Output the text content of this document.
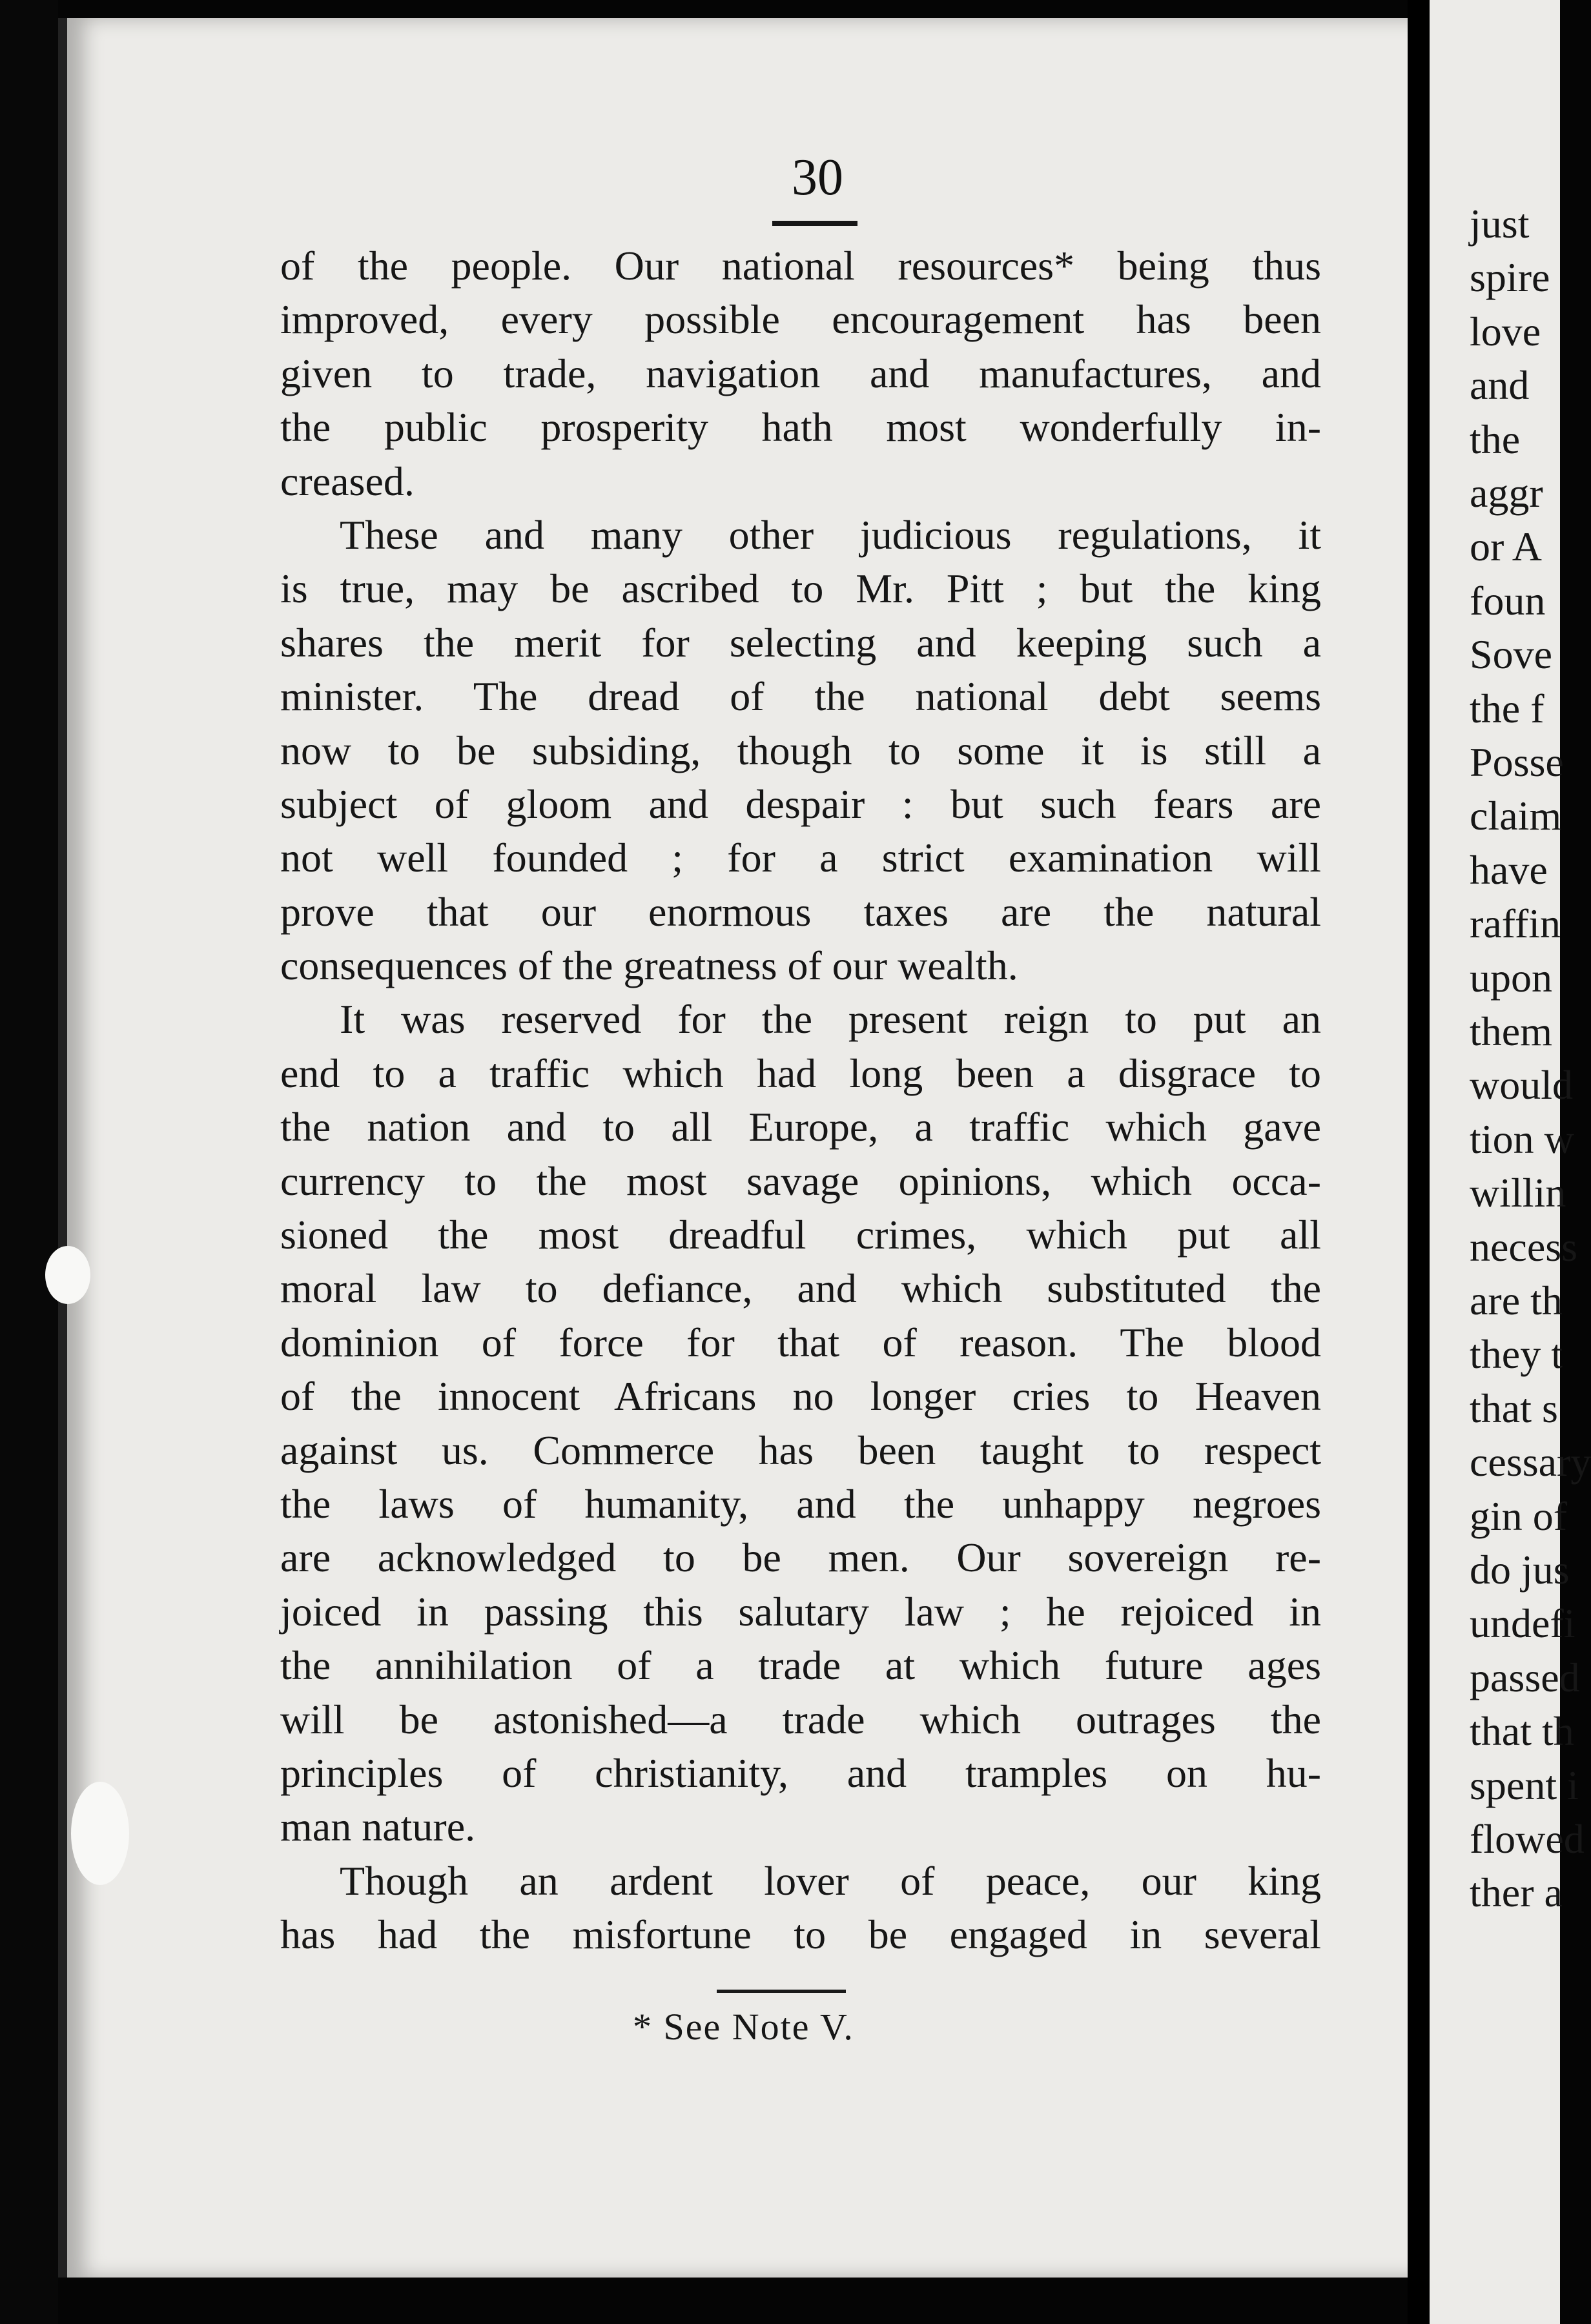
just
spire
love
and
the
aggr
or A
foun
Sove
the f
Posse
claim
have
raffin
upon
them
would
tion w
willin
necess
are th
they t
that s
cessary
gin of
do jus
undefi
passed
that th
spent i
flowed
ther a
30
of the people. Our national resources* being thus
improved, every possible encouragement has been
given to trade, navigation and manufactures, and
the public prosperity hath most wonderfully in-
creased.
These and many other judicious regulations, it
is true, may be ascribed to Mr. Pitt ; but the king
shares the merit for selecting and keeping such a
minister. The dread of the national debt seems
now to be subsiding, though to some it is still a
subject of gloom and despair : but such fears are
not well founded ; for a strict examination will
prove that our enormous taxes are the natural
consequences of the greatness of our wealth.
It was reserved for the present reign to put an
end to a traffic which had long been a disgrace to
the nation and to all Europe, a traffic which gave
currency to the most savage opinions, which occa-
sioned the most dreadful crimes, which put all
moral law to defiance, and which substituted the
dominion of force for that of reason. The blood
of the innocent Africans no longer cries to Heaven
against us. Commerce has been taught to respect
the laws of humanity, and the unhappy negroes
are acknowledged to be men. Our sovereign re-
joiced in passing this salutary law ; he rejoiced in
the annihilation of a trade at which future ages
will be astonished—a trade which outrages the
principles of christianity, and tramples on hu-
man nature.
Though an ardent lover of peace, our king
has had the misfortune to be engaged in several
* See Note V.
